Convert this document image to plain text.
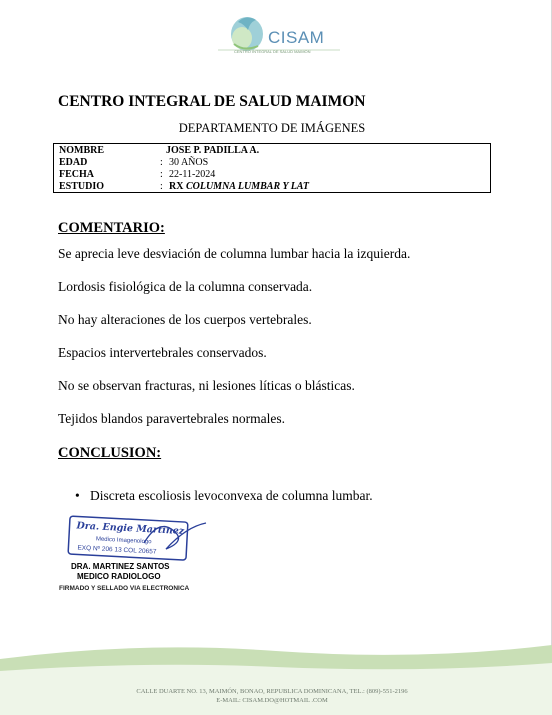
CISAM
CENTRO INTEGRAL DE SALUD MAIMON
CENTRO INTEGRAL DE SALUD MAIMON
DEPARTAMENTO DE IMÁGENES
NOMBRE	JOSE P. PADILLA A.
EDAD	: 30 AÑOS
FECHA	: 22-11-2024
ESTUDIO	: RX COLUMNA LUMBAR Y LAT
COMENTARIO:
Se aprecia leve desviación de columna lumbar hacia la izquierda.
Lordosis fisiológica de la columna conservada.
No hay alteraciones de los cuerpos vertebrales.
Espacios intervertebrales conservados.
No se observan fracturas, ni lesiones líticas o blásticas.
Tejidos blandos paravertebrales normales.
CONCLUSION:
• Discreta escoliosis levoconvexa de columna lumbar.
Dra. Engie Martinez
Medico Imagenologo
EXQ Nº 206 13 COL 20657
DRA. MARTINEZ SANTOS
MEDICO RADIOLOGO
FIRMADO Y SELLADO VIA ELECTRONICA
CALLE DUARTE NO. 13, MAIMÓN, BONAO, REPUBLICA DOMINICANA, TEL.: (809)-551-2196
E-MAIL: CISAM.DO@HOTMAIL .COM
